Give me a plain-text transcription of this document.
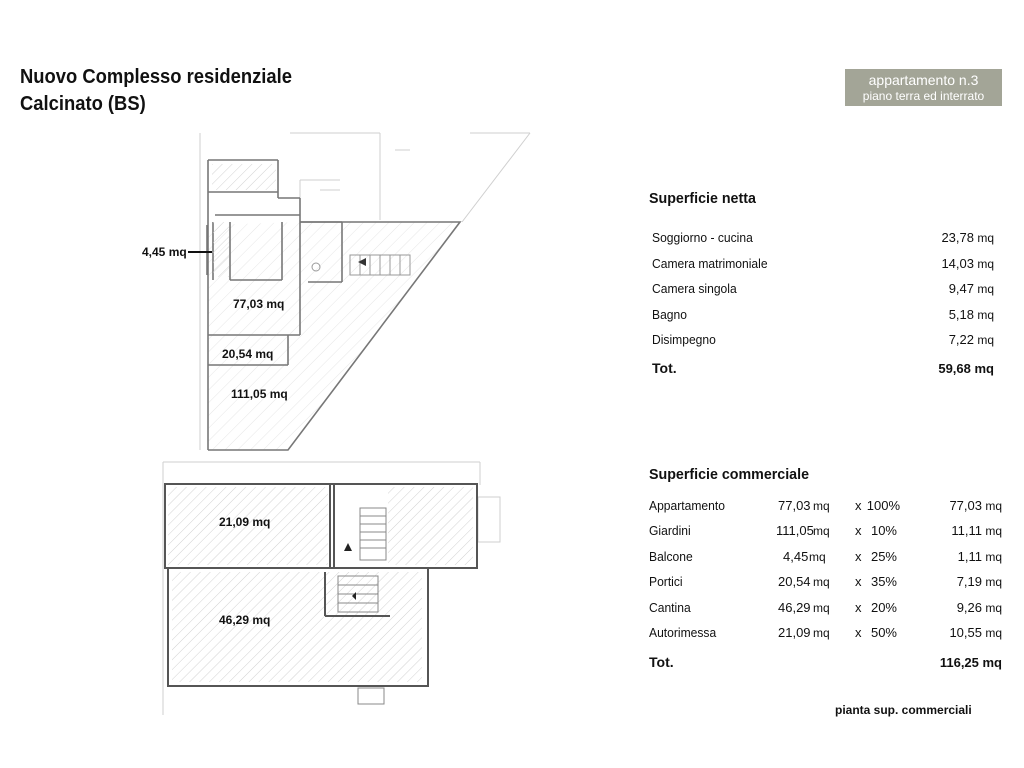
Nuovo Complesso residenziale
Calcinato (BS)
appartamento n.3
piano terra ed interrato
4,45 mq
77,03 mq
20,54 mq
111,05 mq
21,09 mq
46,29 mq
Superficie netta
Soggiorno - cucina	23,78 mq
Camera matrimoniale	14,03 mq
Camera singola	9,47 mq
Bagno	5,18 mq
Disimpegno	7,22 mq
Tot.	59,68 mq
Superficie commerciale
Appartamento	77,03 mq x 100%	77,03 mq
Giardini	111,05 mq x 10%	11,11 mq
Balcone	4,45 mq x 25%	1,11 mq
Portici	20,54 mq x 35%	7,19 mq
Cantina	46,29 mq x 20%	9,26 mq
Autorimessa	21,09 mq x 50%	10,55 mq
Tot.	116,25 mq
pianta sup. commerciali
